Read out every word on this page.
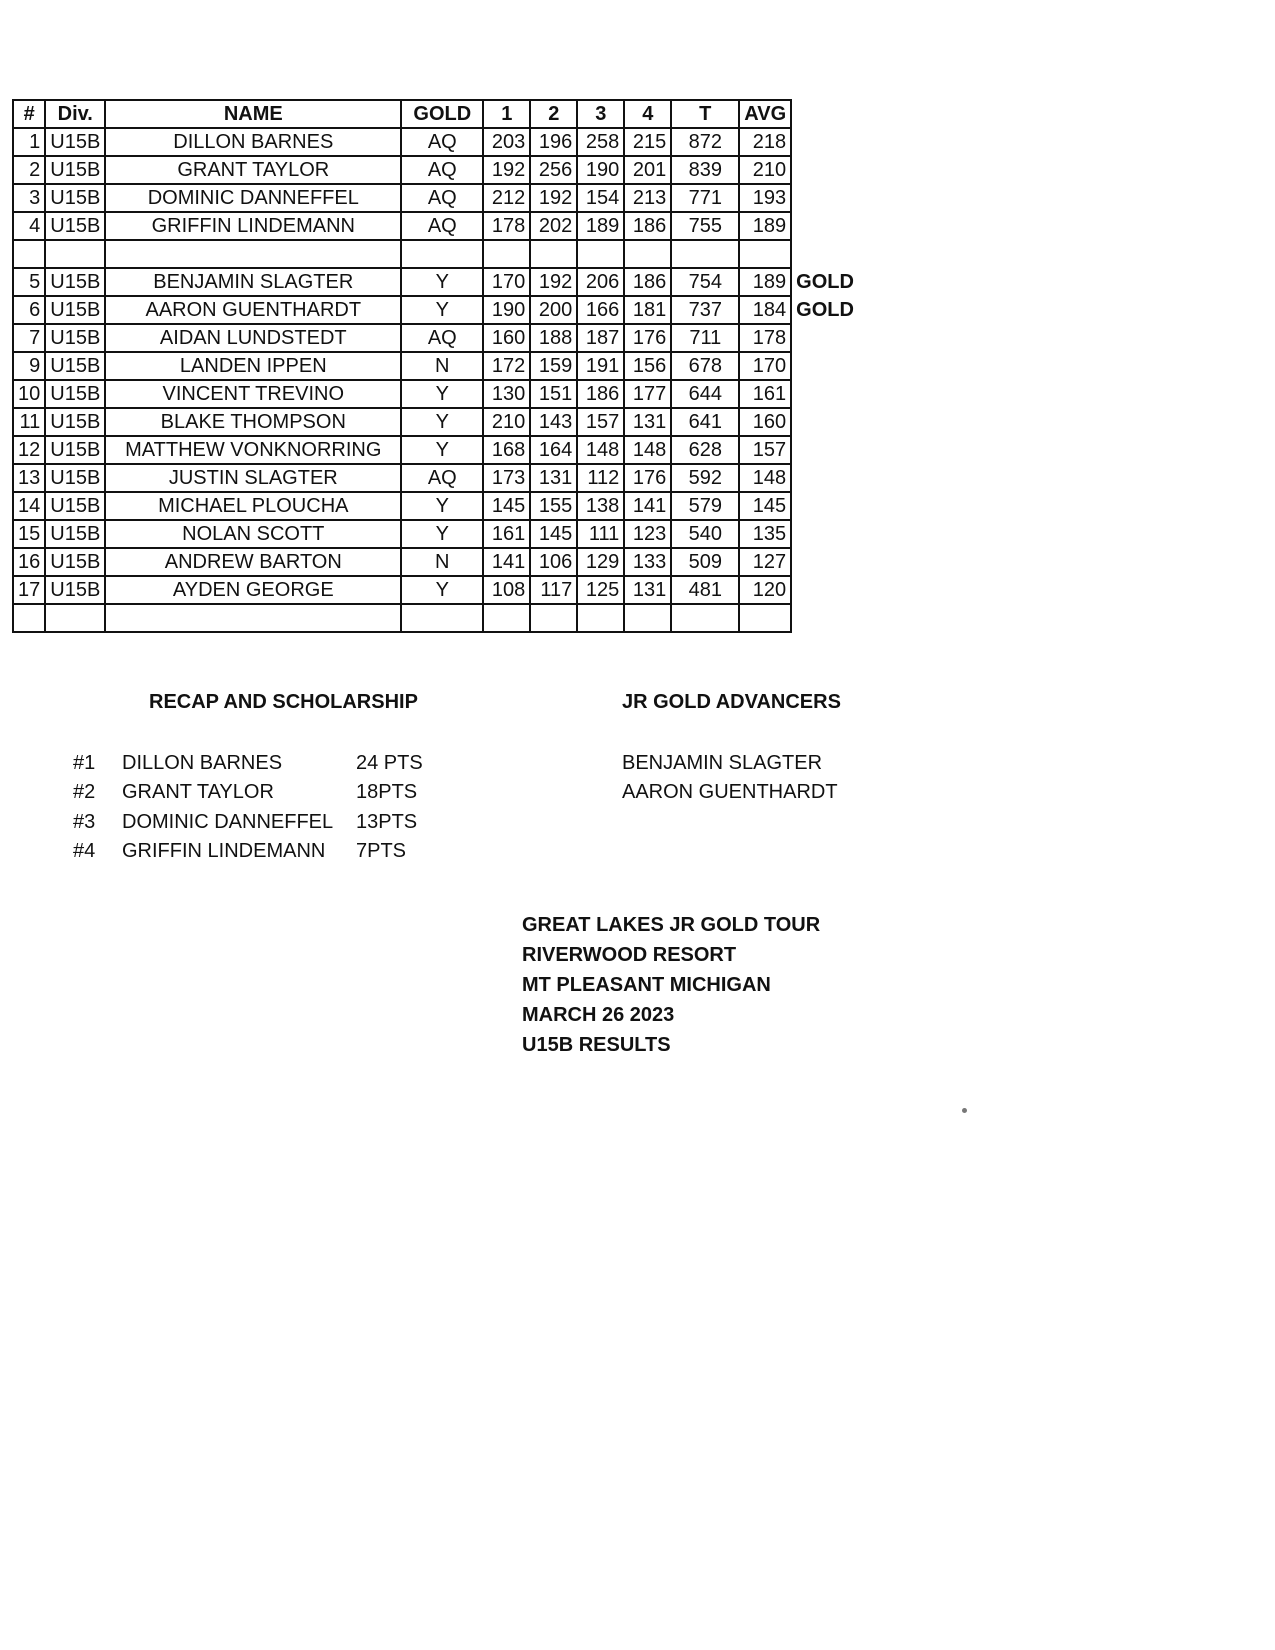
#	Div.	NAME	GOLD	1	2	3	4	T	AVG	
1	U15B	DILLON BARNES	AQ	203	196	258	215	872	218	
2	U15B	GRANT TAYLOR	AQ	192	256	190	201	839	210	
3	U15B	DOMINIC DANNEFFEL	AQ	212	192	154	213	771	193	
4	U15B	GRIFFIN LINDEMANN	AQ	178	202	189	186	755	189	

5	U15B	BENJAMIN SLAGTER	Y	170	192	206	186	754	189	GOLD
6	U15B	AARON GUENTHARDT	Y	190	200	166	181	737	184	GOLD
7	U15B	AIDAN LUNDSTEDT	AQ	160	188	187	176	711	178	
9	U15B	LANDEN IPPEN	N	172	159	191	156	678	170	
10	U15B	VINCENT TREVINO	Y	130	151	186	177	644	161	
11	U15B	BLAKE THOMPSON	Y	210	143	157	131	641	160	
12	U15B	MATTHEW VONKNORRING	Y	168	164	148	148	628	157	
13	U15B	JUSTIN SLAGTER	AQ	173	131	112	176	592	148	
14	U15B	MICHAEL PLOUCHA	Y	145	155	138	141	579	145	
15	U15B	NOLAN SCOTT	Y	161	145	111	123	540	135	
16	U15B	ANDREW BARTON	N	141	106	129	133	509	127	
17	U15B	AYDEN GEORGE	Y	108	117	125	131	481	120	

RECAP AND SCHOLARSHIP
#1 DILLON BARNES	24 PTS
#2 GRANT TAYLOR	18PTS
#3 DOMINIC DANNEFFEL 13PTS
#4 GRIFFIN LINDEMANN 7PTS
JR GOLD ADVANCERS
BENJAMIN SLAGTER
AARON GUENTHARDT
GREAT LAKES JR GOLD TOUR
RIVERWOOD RESORT
MT PLEASANT MICHIGAN
MARCH 26 2023
U15B RESULTS
